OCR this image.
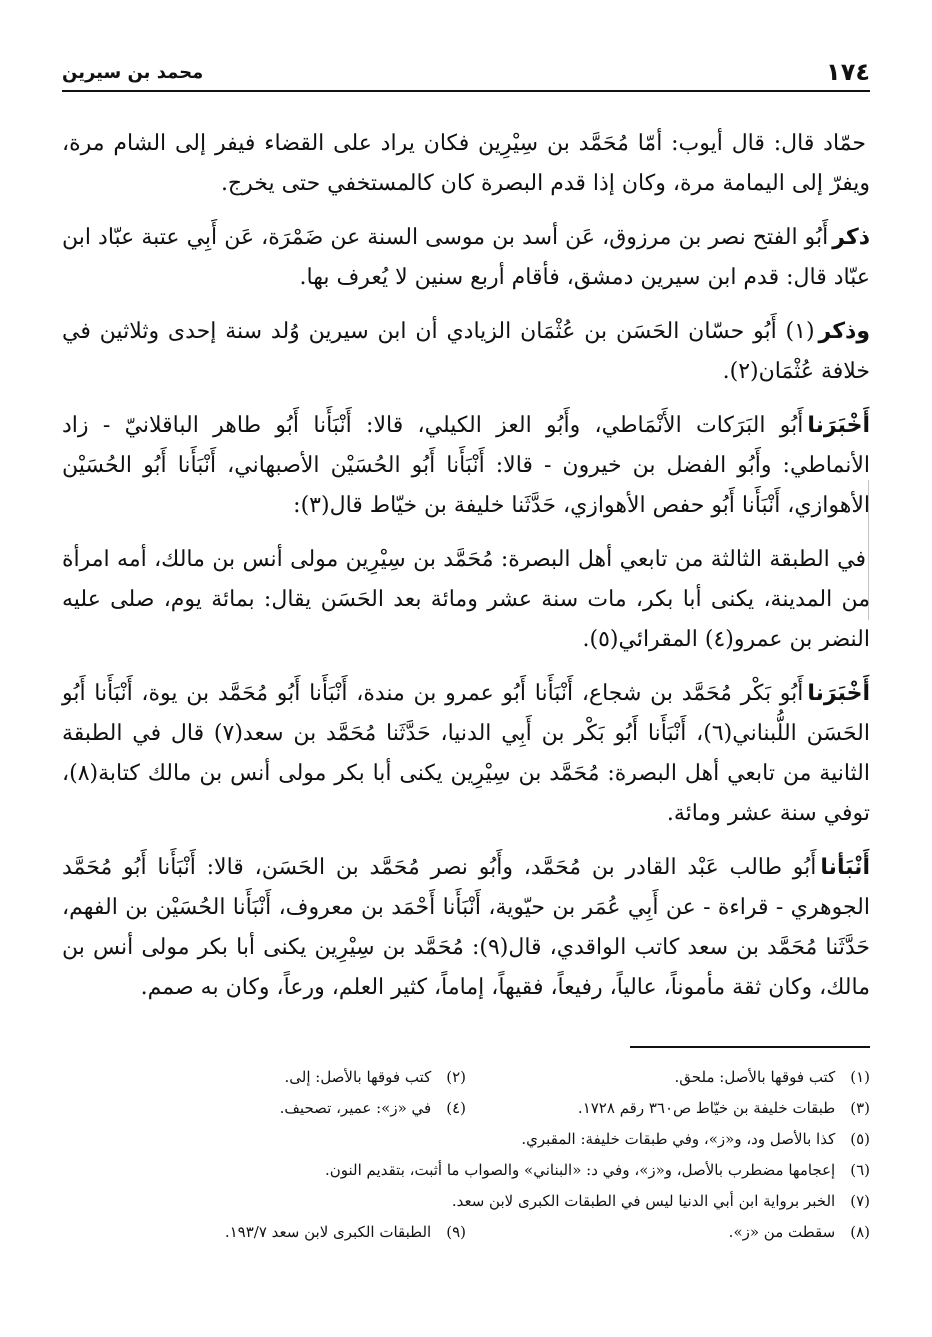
١٧٤
محمد بن سيرين

حمّاد قال: قال أيوب: أمّا مُحَمَّد بن سِيْرِين فكان يراد على القضاء فيفر إلى الشام مرة، ويفرّ إلى اليمامة مرة، وكان إذا قدم البصرة كان كالمستخفي حتى يخرج.

ذكرأَبُو الفتح نصر بن مرزوق، عَن أسد بن موسى السنة عن ضَمْرَة، عَن أَبِي عتبة عبّاد ابن عبّاد قال: قدم ابن سيرين دمشق، فأقام أربع سنين لا يُعرف بها.

وذكر(١) أَبُو حسّان الحَسَن بن عُثْمَان الزيادي أن ابن سيرين وُلد سنة إحدى وثلاثين في خلافة عُثْمَان(٢).

أَخْبَرَناأَبُو البَرَكات الأَنْمَاطي، وأَبُو العز الكيلي، قالا: أَنْبَأَنا أَبُو طاهر الباقلانيّ - زاد الأنماطي: وأَبُو الفضل بن خيرون - قالا: أَنْبَأَنا أَبُو الحُسَيْن الأصبهاني، أَنْبَأَنا أَبُو الحُسَيْن الأهوازي، أَنْبَأَنا أَبُو حفص الأهوازي، حَدَّثَنا خليفة بن خيّاط قال(٣):

في الطبقة الثالثة من تابعي أهل البصرة: مُحَمَّد بن سِيْرِين مولى أنس بن مالك، أمه امرأة من المدينة، يكنى أبا بكر، مات سنة عشر ومائة بعد الحَسَن يقال: بمائة يوم، صلى عليه النضر بن عمرو(٤) المقرائي(٥).

أَخْبَرَناأَبُو بَكْر مُحَمَّد بن شجاع، أَنْبَأَنا أَبُو عمرو بن مندة، أَنْبَأَنا أَبُو مُحَمَّد بن يوة، أَنْبَأَنا أَبُو الحَسَن اللُّبناني(٦)، أَنْبَأَنا أَبُو بَكْر بن أَبِي الدنيا، حَدَّثَنا مُحَمَّد بن سعد(٧) قال في الطبقة الثانية من تابعي أهل البصرة: مُحَمَّد بن سِيْرِين يكنى أبا بكر مولى أنس بن مالك كتابة(٨)، توفي سنة عشر ومائة.

أَنْبَأناأَبُو طالب عَبْد القادر بن مُحَمَّد، وأَبُو نصر مُحَمَّد بن الحَسَن، قالا: أَنْبَأَنا أَبُو مُحَمَّد الجوهري - قراءة - عن أَبِي عُمَر بن حيّوية، أَنْبَأَنا أَحْمَد بن معروف، أَنْبَأَنا الحُسَيْن بن الفهم، حَدَّثَنا مُحَمَّد بن سعد كاتب الواقدي، قال(٩): مُحَمَّد بن سِيْرِين يكنى أبا بكر مولى أنس بن مالك، وكان ثقة مأموناً، عالياً، رفيعاً، فقيهاً، إماماً، كثير العلم، ورعاً، وكان به صمم.

(١) كتب فوقها بالأصل: ملحق.
(٢) كتب فوقها بالأصل: إلى.
(٣) طبقات خليفة بن خيّاط ص٣٦٠ رقم ١٧٢٨.
(٤) في «ز»: عمير، تصحيف.
(٥) كذا بالأصل ود، و«ز»، وفي طبقات خليفة: المقبري.
(٦) إعجامها مضطرب بالأصل، و«ز»، وفي د: «البناني» والصواب ما أثبت، بتقديم النون.
(٧) الخبر برواية ابن أبي الدنيا ليس في الطبقات الكبرى لابن سعد.
(٨) سقطت من «ز».
(٩) الطبقات الكبرى لابن سعد ١٩٣/٧.
